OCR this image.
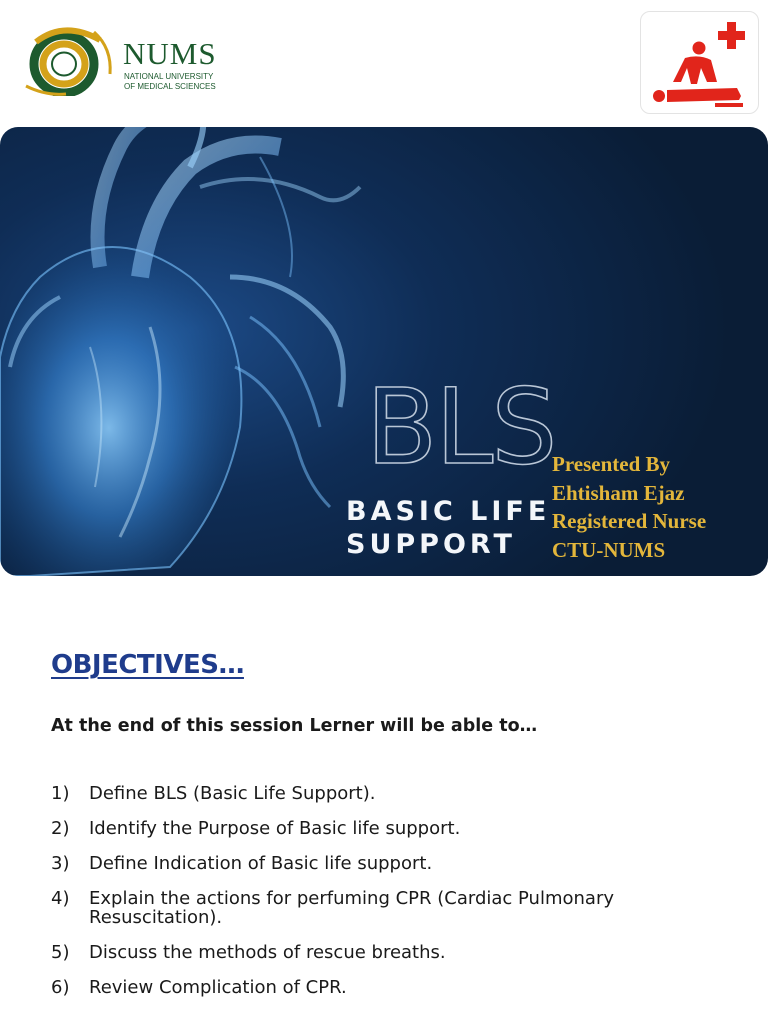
NUMS
NATIONAL UNIVERSITY
OF MEDICAL SCIENCES
BLS
BASIC LIFE
SUPPORT
Presented By
Ehtisham Ejaz
Registered Nurse
CTU-NUMS
OBJECTIVES…
At the end of this session Lerner will be able to…
1) Define BLS (Basic Life Support).
2) Identify the Purpose of Basic life support.
3) Define Indication of Basic life support.
4) Explain the actions for perfuming CPR (Cardiac Pulmonary Resuscitation).
5) Discuss the methods of rescue breaths.
6) Review Complication of CPR.
